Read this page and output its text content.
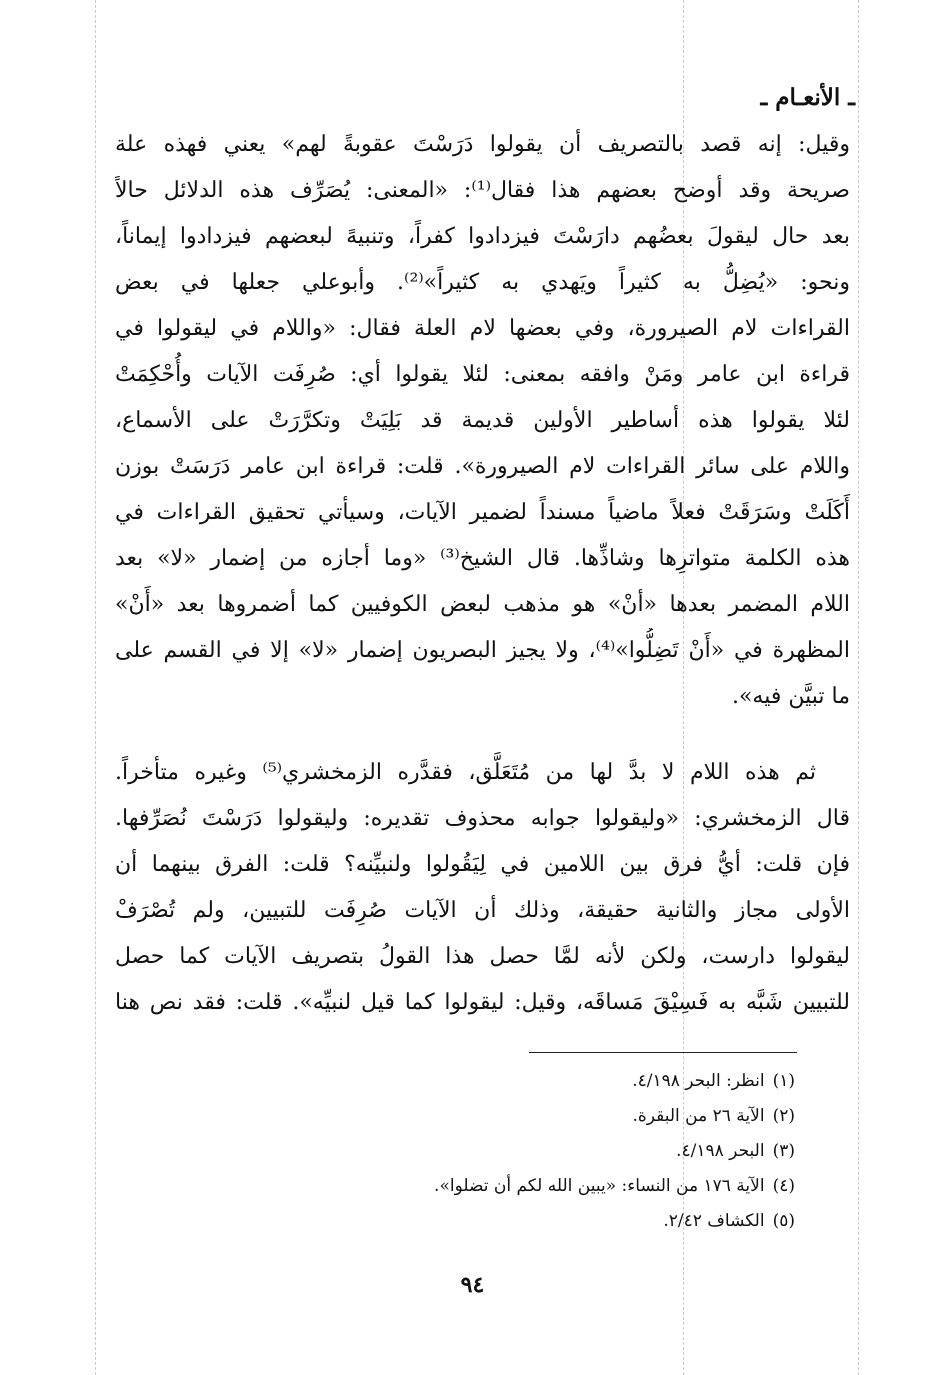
ـ الأنعـام ـ
وقيل: إنه قصد بالتصريف أن يقولوا دَرَسْتَ عقوبةً لهم» يعني فهذه علة
صريحة وقد أوضح بعضهم هذا فقال⁽¹⁾: «المعنى: يُصَرِّف هذه الدلائل حالاً
بعد حال ليقولَ بعضُهم دارَسْتَ فيزدادوا كفراً، وتنبيهً لبعضهم فيزدادوا إيماناً،
ونحو: «يُضِلُّ به كثيراً ويَهدي به كثيراً»⁽²⁾. وأبوعلي جعلها في بعض
القراءات لام الصيرورة، وفي بعضها لام العلة فقال: «واللام في ليقولوا في
قراءة ابن عامر ومَنْ وافقه بمعنى: لئلا يقولوا أي: صُرِفَت الآيات وأُحْكِمَتْ
لئلا يقولوا هذه أساطير الأولين قديمة قد بَلِيَتْ وتكرَّرَتْ على الأسماع،
واللام على سائر القراءات لام الصيرورة». قلت: قراءة ابن عامر دَرَسَتْ بوزن
أَكَلَتْ وسَرَقَتْ فعلاً ماضياً مسنداً لضمير الآيات، وسيأتي تحقيق القراءات في
هذه الكلمة متواترِها وشاذِّها. قال الشيخ⁽³⁾ «وما أجازه من إضمار «لا» بعد
اللام المضمر بعدها «أنْ» هو مذهب لبعض الكوفيين كما أضمروها بعد «أَنْ»
المظهرة في «أَنْ تَضِلُّوا»⁽⁴⁾، ولا يجيز البصريون إضمار «لا» إلا في القسم على
ما تبيَّن فيه».
ثم هذه اللام لا بدَّ لها من مُتَعَلَّق، فقدَّره الزمخشري⁽⁵⁾ وغيره متأخراً.
قال الزمخشري: «وليقولوا جوابه محذوف تقديره: وليقولوا دَرَسْتَ نُصَرِّفها.
فإن قلت: أيُّ فرق بين اللامين في لِيَقُولوا ولنبيِّنه؟ قلت: الفرق بينهما أن
الأولى مجاز والثانية حقيقة، وذلك أن الآيات صُرِفَت للتبيين، ولم تُصْرَفْ
ليقولوا دارست، ولكن لأنه لمَّا حصل هذا القولُ بتصريف الآيات كما حصل
للتبيين شَبَّه به فَسِيْقَ مَساقَه، وقيل: ليقولوا كما قيل لنبيِّه». قلت: فقد نص هنا
(١)انظر: البحر ٤/١٩٨.
(٢)الآية ٢٦ من البقرة.
(٣)البحر ٤/١٩٨.
(٤)الآية ١٧٦ من النساء: «يبين الله لكم أن تضلوا».
(٥)الكشاف ٢/٤٢.
٩٤
